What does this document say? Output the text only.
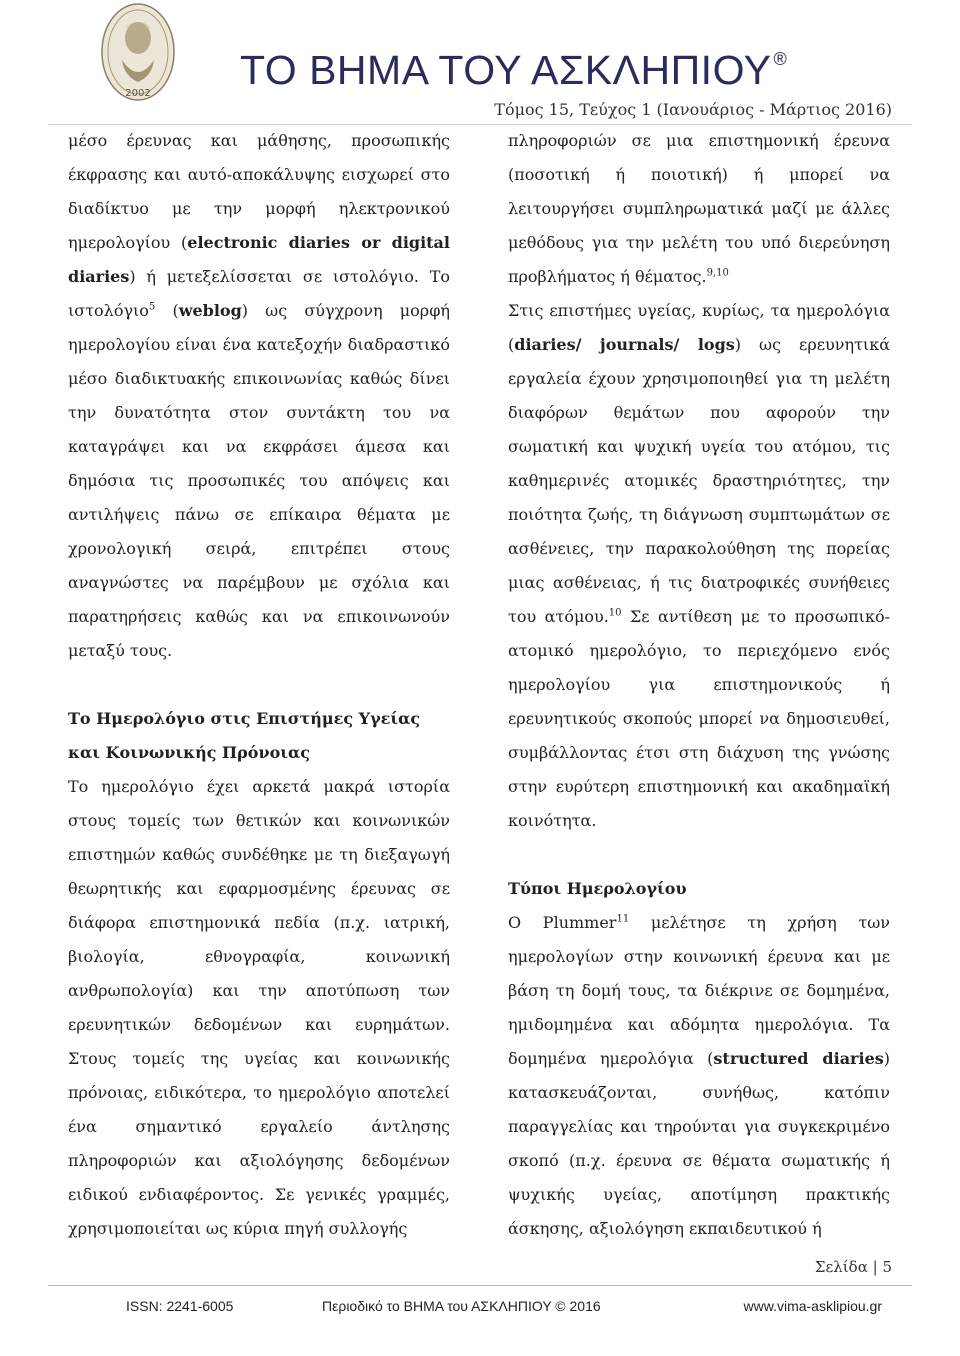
2002
ΤΟ ΒΗΜΑ ΤΟΥ ΑΣΚΛΗΠΙΟΥ ®
Τόμος 15, Τεύχος 1 (Ιανουάριος - Μάρτιος 2016)

μέσο έρευνας και μάθησης, προσωπικής έκφρασης και αυτό-αποκάλυψης εισχωρεί στο διαδίκτυο με την μορφή ηλεκτρονικού ημερολογίου (electronic diaries or digital diaries) ή μετεξελίσσεται σε ιστολόγιο. Το ιστολόγιο$^5$ (weblog) ως σύγχρονη μορφή ημερολογίου είναι ένα κατεξοχήν διαδραστικό μέσο διαδικτυακής επικοινωνίας καθώς δίνει την δυνατότητα στον συντάκτη του να καταγράψει και να εκφράσει άμεσα και δημόσια τις προσωπικές του απόψεις και αντιλήψεις πάνω σε επίκαιρα θέματα με χρονολογική σειρά, επιτρέπει στους αναγνώστες να παρέμβουν με σχόλια και παρατηρήσεις καθώς και να επικοινωνούν μεταξύ τους.

Το Ημερολόγιο στις Επιστήμες Υγείας και Κοινωνικής Πρόνοιας

Το ημερολόγιο έχει αρκετά μακρά ιστορία στους τομείς των θετικών και κοινωνικών επιστημών καθώς συνδέθηκε με τη διεξαγωγή θεωρητικής και εφαρμοσμένης έρευνας σε διάφορα επιστημονικά πεδία (π.χ. ιατρική, βιολογία, εθνογραφία, κοινωνική ανθρωπολογία) και την αποτύπωση των ερευνητικών δεδομένων και ευρημάτων. Στους τομείς της υγείας και κοινωνικής πρόνοιας, ειδικότερα, το ημερολόγιο αποτελεί ένα σημαντικό εργαλείο άντλησης πληροφοριών και αξιολόγησης δεδομένων ειδικού ενδιαφέροντος. Σε γενικές γραμμές, χρησιμοποιείται ως κύρια πηγή συλλογής

πληροφοριών σε μια επιστημονική έρευνα (ποσοτική ή ποιοτική) ή μπορεί να λειτουργήσει συμπληρωματικά μαζί με άλλες μεθόδους για την μελέτη του υπό διερεύνηση προβλήματος ή θέματος.$^{9,10}$

Στις επιστήμες υγείας, κυρίως, τα ημερολόγια (diaries/ journals/ logs) ως ερευνητικά εργαλεία έχουν χρησιμοποιηθεί για τη μελέτη διαφόρων θεμάτων που αφορούν την σωματική και ψυχική υγεία του ατόμου, τις καθημερινές ατομικές δραστηριότητες, την ποιότητα ζωής, τη διάγνωση συμπτωμάτων σε ασθένειες, την παρακολούθηση της πορείας μιας ασθένειας, ή τις διατροφικές συνήθειες του ατόμου.$^{10}$ Σε αντίθεση με το προσωπικό-ατομικό ημερολόγιο, το περιεχόμενο ενός ημερολογίου για επιστημονικούς ή ερευνητικούς σκοπούς μπορεί να δημοσιευθεί, συμβάλλοντας έτσι στη διάχυση της γνώσης στην ευρύτερη επιστημονική και ακαδημαϊκή κοινότητα.

Τύποι Ημερολογίου

Ο Plummer$^{11}$ μελέτησε τη χρήση των ημερολογίων στην κοινωνική έρευνα και με βάση τη δομή τους, τα διέκρινε σε δομημένα, ημιδομημένα και αδόμητα ημερολόγια. Τα δομημένα ημερολόγια (structured diaries) κατασκευάζονται, συνήθως, κατόπιν παραγγελίας και τηρούνται για συγκεκριμένο σκοπό (π.χ. έρευνα σε θέματα σωματικής ή ψυχικής υγείας, αποτίμηση πρακτικής άσκησης, αξιολόγηση εκπαιδευτικού ή

Σελίδα | 5
ISSN: 2241-6005	Περιοδικό το ΒΗΜΑ του ΑΣΚΛΗΠΙΟΥ © 2016	www.vima-asklipiou.gr
